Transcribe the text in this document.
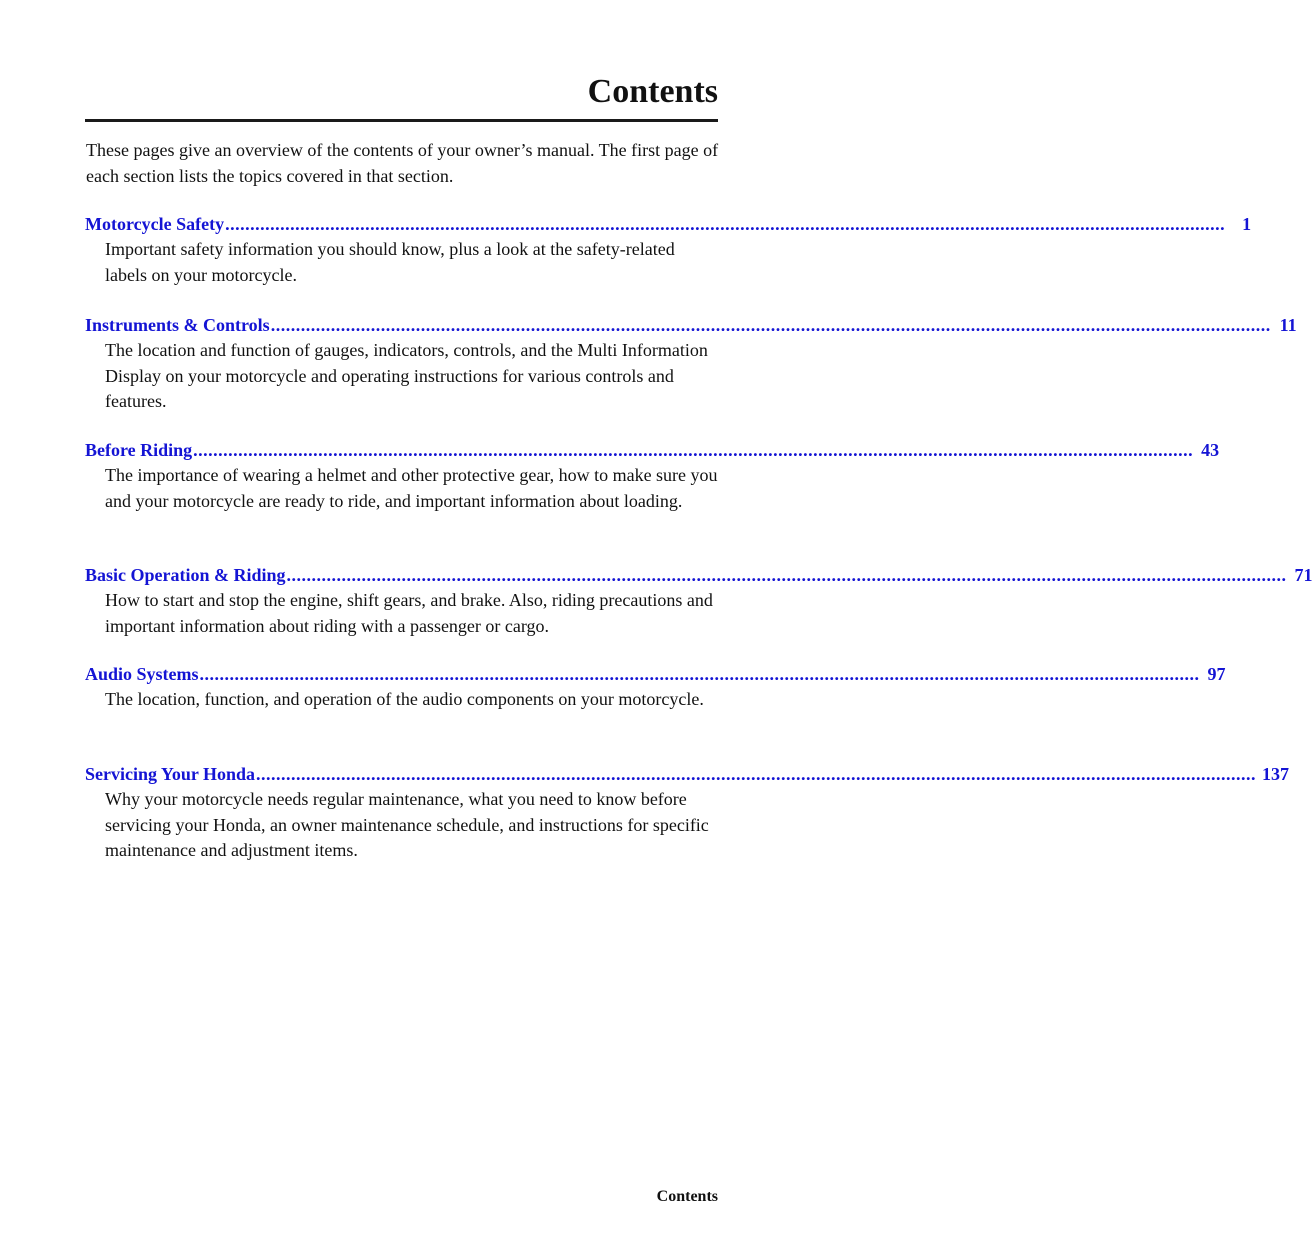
Contents

These pages give an overview of the contents of your owner’s manual. The first page of each section lists the topics covered in that section.

Motorcycle Safety ........................................................................................................................................................................................................ 1

Important safety information you should know, plus a look at the safety-related labels on your motorcycle.

Instruments & Controls ........................................................................................................................................................................................................ 11

The location and function of gauges, indicators, controls, and the Multi Information Display on your motorcycle and operating instructions for various controls and features.

Before Riding ........................................................................................................................................................................................................ 43

The importance of wearing a helmet and other protective gear, how to make sure you and your motorcycle are ready to ride, and important information about loading.

Basic Operation & Riding ........................................................................................................................................................................................................ 71

How to start and stop the engine, shift gears, and brake. Also, riding precautions and important information about riding with a passenger or cargo.

Audio Systems ........................................................................................................................................................................................................ 97

The location, function, and operation of the audio components on your motorcycle.

Servicing Your Honda ........................................................................................................................................................................................................ 137

Why your motorcycle needs regular maintenance, what you need to know before servicing your Honda, an owner maintenance schedule, and instructions for specific maintenance and adjustment items.

Contents
